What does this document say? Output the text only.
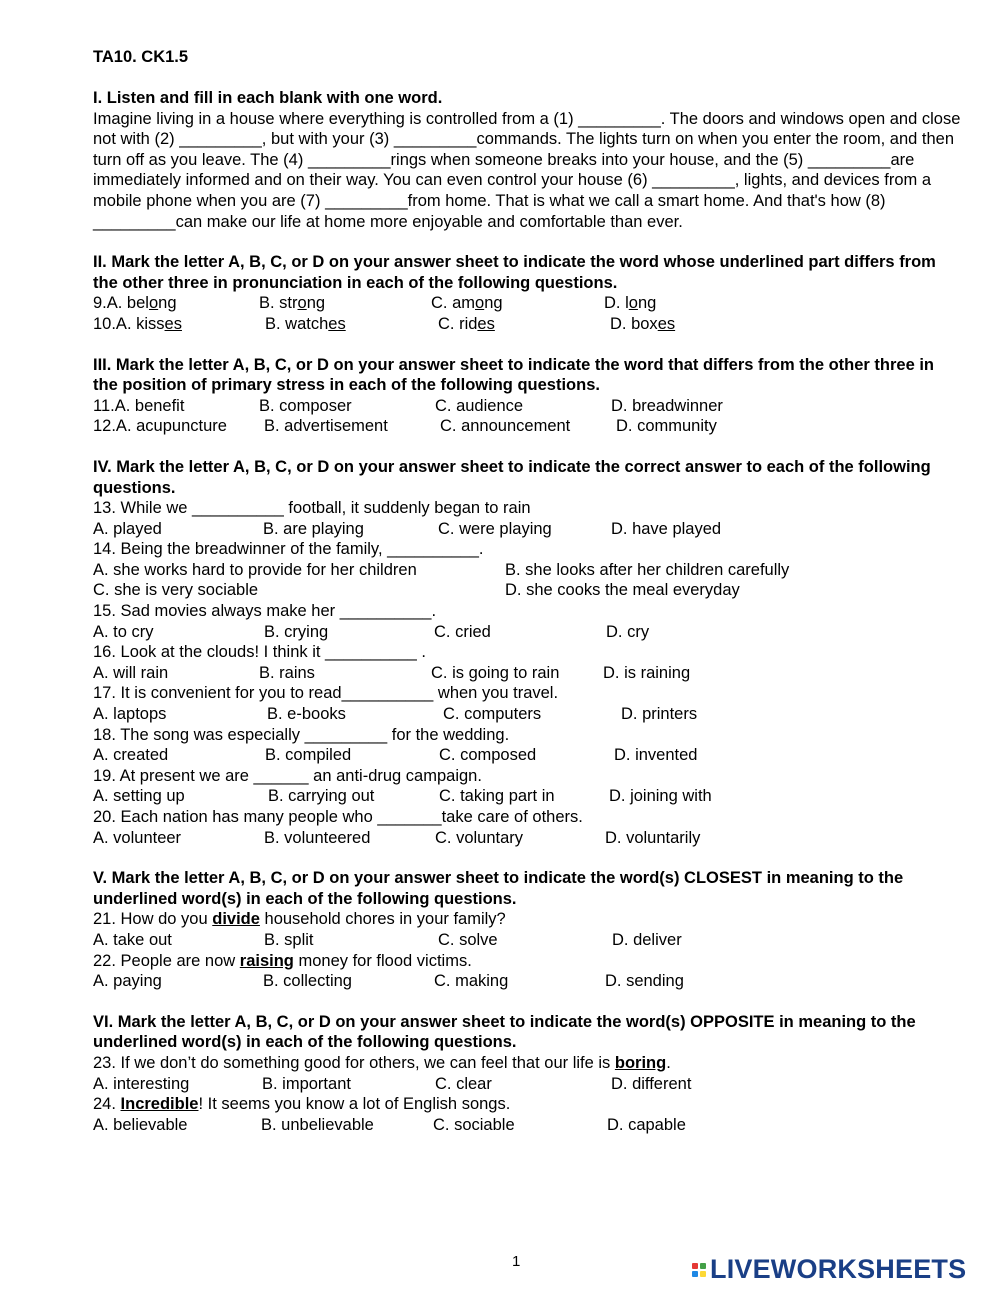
TA10. CK1.5
I. Listen and fill in each blank with one word.
Imagine living in a house where everything is controlled from a (1) _________. The doors and windows open and close not with (2) _________, but with your (3) _________commands. The lights turn on when you enter the room, and then turn off as you leave. The (4) _________rings when someone breaks into your house, and the (5) _________are immediately informed and on their way. You can even control your house (6) _________, lights, and devices from a mobile phone when you are (7) _________from home. That is what we call a smart home. And that's how (8) _________can make our life at home more enjoyable and comfortable than ever.
II. Mark the letter A, B, C, or D on your answer sheet to indicate the word whose underlined part differs from the other three in pronunciation in each of the following questions.
9.A. belong	B. strong	C. among	D. long
10.A. kisses	B. watches	C. rides	D. boxes
III. Mark the letter A, B, C, or D on your answer sheet to indicate the word that differs from the other three in the position of primary stress in each of the following questions.
11.A. benefit	B. composer	C. audience	D. breadwinner
12.A. acupuncture B. advertisement	C. announcement	D. community
IV. Mark the letter A, B, C, or D on your answer sheet to indicate the correct answer to each of the following questions.
13. While we __________ football, it suddenly began to rain
A. played	B. are playing	C. were playing	D. have played
14. Being the breadwinner of the family, __________.
A. she works hard to provide for her children	B. she looks after her children carefully
C. she is very sociable	D. she cooks the meal everyday
15. Sad movies always make her __________.
A. to cry	B. crying	C. cried	D. cry
16. Look at the clouds! I think it __________ .
A. will rain	B. rains	C. is going to rain	D. is raining
17. It is convenient for you to read__________ when you travel.
A. laptops	B. e-books	C. computers	D. printers
18. The song was especially _________ for the wedding.
A. created	B. compiled	C. composed	D. invented
19. At present we are ______ an anti-drug campaign.
A. setting up	B. carrying out	C. taking part in	D. joining with
20. Each nation has many people who _______take care of others.
A. volunteer	B. volunteered	C. voluntary	D. voluntarily
V. Mark the letter A, B, C, or D on your answer sheet to indicate the word(s) CLOSEST in meaning to the underlined word(s) in each of the following questions.
21. How do you divide household chores in your family?
A. take out	B. split	C. solve	D. deliver
22. People are now raising money for flood victims.
A. paying	B. collecting	C. making	D. sending
VI. Mark the letter A, B, C, or D on your answer sheet to indicate the word(s) OPPOSITE in meaning to the underlined word(s) in each of the following questions.
23. If we don’t do something good for others, we can feel that our life is boring.
A. interesting	B. important	C. clear	D. different
24. Incredible! It seems you know a lot of English songs.
A. believable	B. unbelievable	C. sociable	D. capable
1	LIVEWORKSHEETS
